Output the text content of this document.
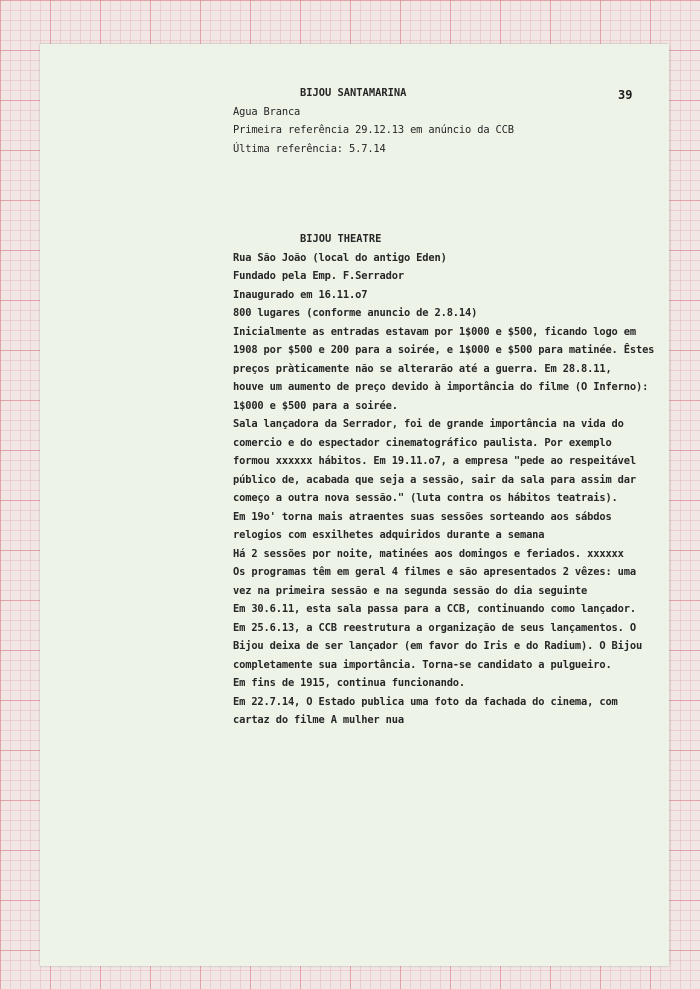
39
BIJOU SANTAMARINA
Agua Branca
Primeira referência 29.12.13 em anúncio da CCB
Última referência: 5.7.14
BIJOU THEATRE
Rua São João (local do antigo Eden)
Fundado pela Emp. F.Serrador
Inaugurado em 16.11.o7
800 lugares (conforme anuncio de 2.8.14)
Inicialmente as entradas estavam por 1$000 e $500, ficando logo em
1908 por $500 e 200 para a soirée, e 1$000 e $500 para matinée. Êstes
preços pràticamente não se alterarão até a guerra. Em 28.8.11,
houve um aumento de preço devido à importância do filme (O Inferno):
1$000 e $500 para a soirée.
Sala lançadora da Serrador, foi de grande importância na vida do
comercio e do espectador cinematográfico paulista. Por exemplo
formou xxxxxx hábitos. Em 19.11.o7, a empresa "pede ao respeitável
público de, acabada que seja a sessão, sair da sala para assim dar
começo a outra nova sessão." (luta contra os hábitos teatrais).
Em 19o' torna mais atraentes suas sessões sorteando aos sábdos
relogios com esxilhetes adquiridos durante a semana
Há 2 sessões por noite, matinées aos domingos e feriados. xxxxxx
Os programas têm em geral 4 filmes e são apresentados 2 vêzes: uma
vez na primeira sessão e na segunda sessão do dia seguinte
Em 30.6.11, esta sala passa para a CCB, continuando como lançador.
Em 25.6.13, a CCB reestrutura a organização de seus lançamentos. O
Bijou deixa de ser lançador (em favor do Iris e do Radium). O Bijou
completamente sua importância. Torna-se candidato a pulgueiro.
Em fins de 1915, continua funcionando.
Em 22.7.14, O Estado publica uma foto da fachada do cinema, com
cartaz do filme A mulher nua
